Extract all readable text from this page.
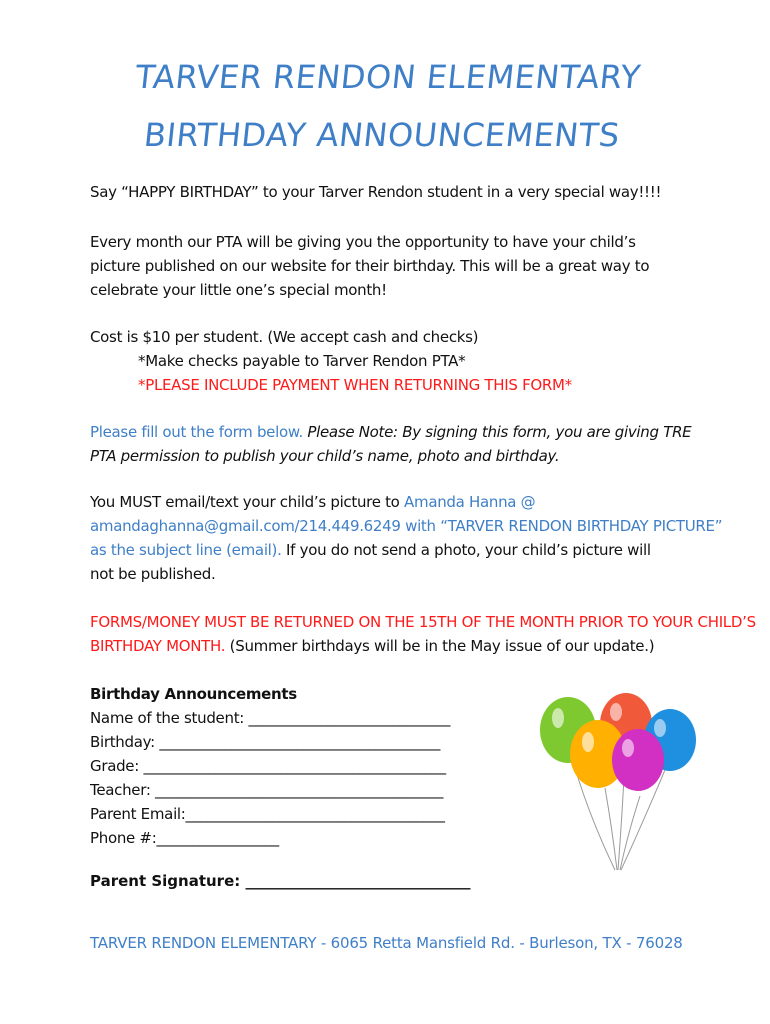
TARVER RENDON ELEMENTARY
BIRTHDAY ANNOUNCEMENTS
Say “HAPPY BIRTHDAY” to your Tarver Rendon student in a very special way!!!!
Every month our PTA will be giving you the opportunity to have your child’s
picture published on our website for their birthday. This will be a great way to
celebrate your little one’s special month!
Cost is $10 per student. (We accept cash and checks)
*Make checks payable to Tarver Rendon PTA*
*PLEASE INCLUDE PAYMENT WHEN RETURNING THIS FORM*
Please fill out the form below. Please Note: By signing this form, you are giving TRE
PTA permission to publish your child’s name, photo and birthday.
You MUST email/text your child’s picture to Amanda Hanna @
amandaghanna@gmail.com/214.449.6249 with “TARVER RENDON BIRTHDAY PICTURE”
as the subject line (email). If you do not send a photo, your child’s picture will
not be published.
FORMS/MONEY MUST BE RETURNED ON THE 15TH OF THE MONTH PRIOR TO YOUR CHILD’S
BIRTHDAY MONTH. (Summer birthdays will be in the May issue of our update.)
Birthday Announcements
Name of the student: ____________________________
Birthday: _______________________________________
Grade: __________________________________________
Teacher: ________________________________________
Parent Email:____________________________________
Phone #:_________________
Parent Signature: ______________________________
TARVER RENDON ELEMENTARY - 6065 Retta Mansfield Rd. - Burleson, TX - 76028
